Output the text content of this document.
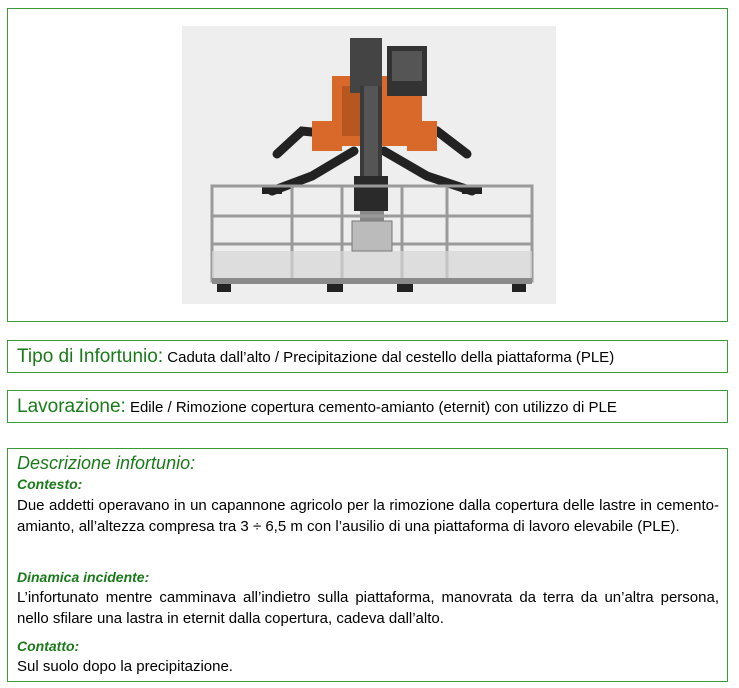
Tipo di Infortunio: Caduta dall’alto / Precipitazione dal cestello della piattaforma (PLE)
Lavorazione: Edile / Rimozione copertura cemento-amianto (eternit) con utilizzo di PLE
Descrizione infortunio:
Contesto:
Due addetti operavano in un capannone agricolo per la rimozione dalla copertura delle lastre in cemento-amianto, all’altezza compresa tra 3 ÷ 6,5 m con l’ausilio di una piattaforma di lavoro elevabile (PLE).
Dinamica incidente:
L’infortunato mentre camminava all’indietro sulla piattaforma, manovrata da terra da un’altra persona, nello sfilare una lastra in eternit dalla copertura, cadeva dall’alto.
Contatto:
Sul suolo dopo la precipitazione.
